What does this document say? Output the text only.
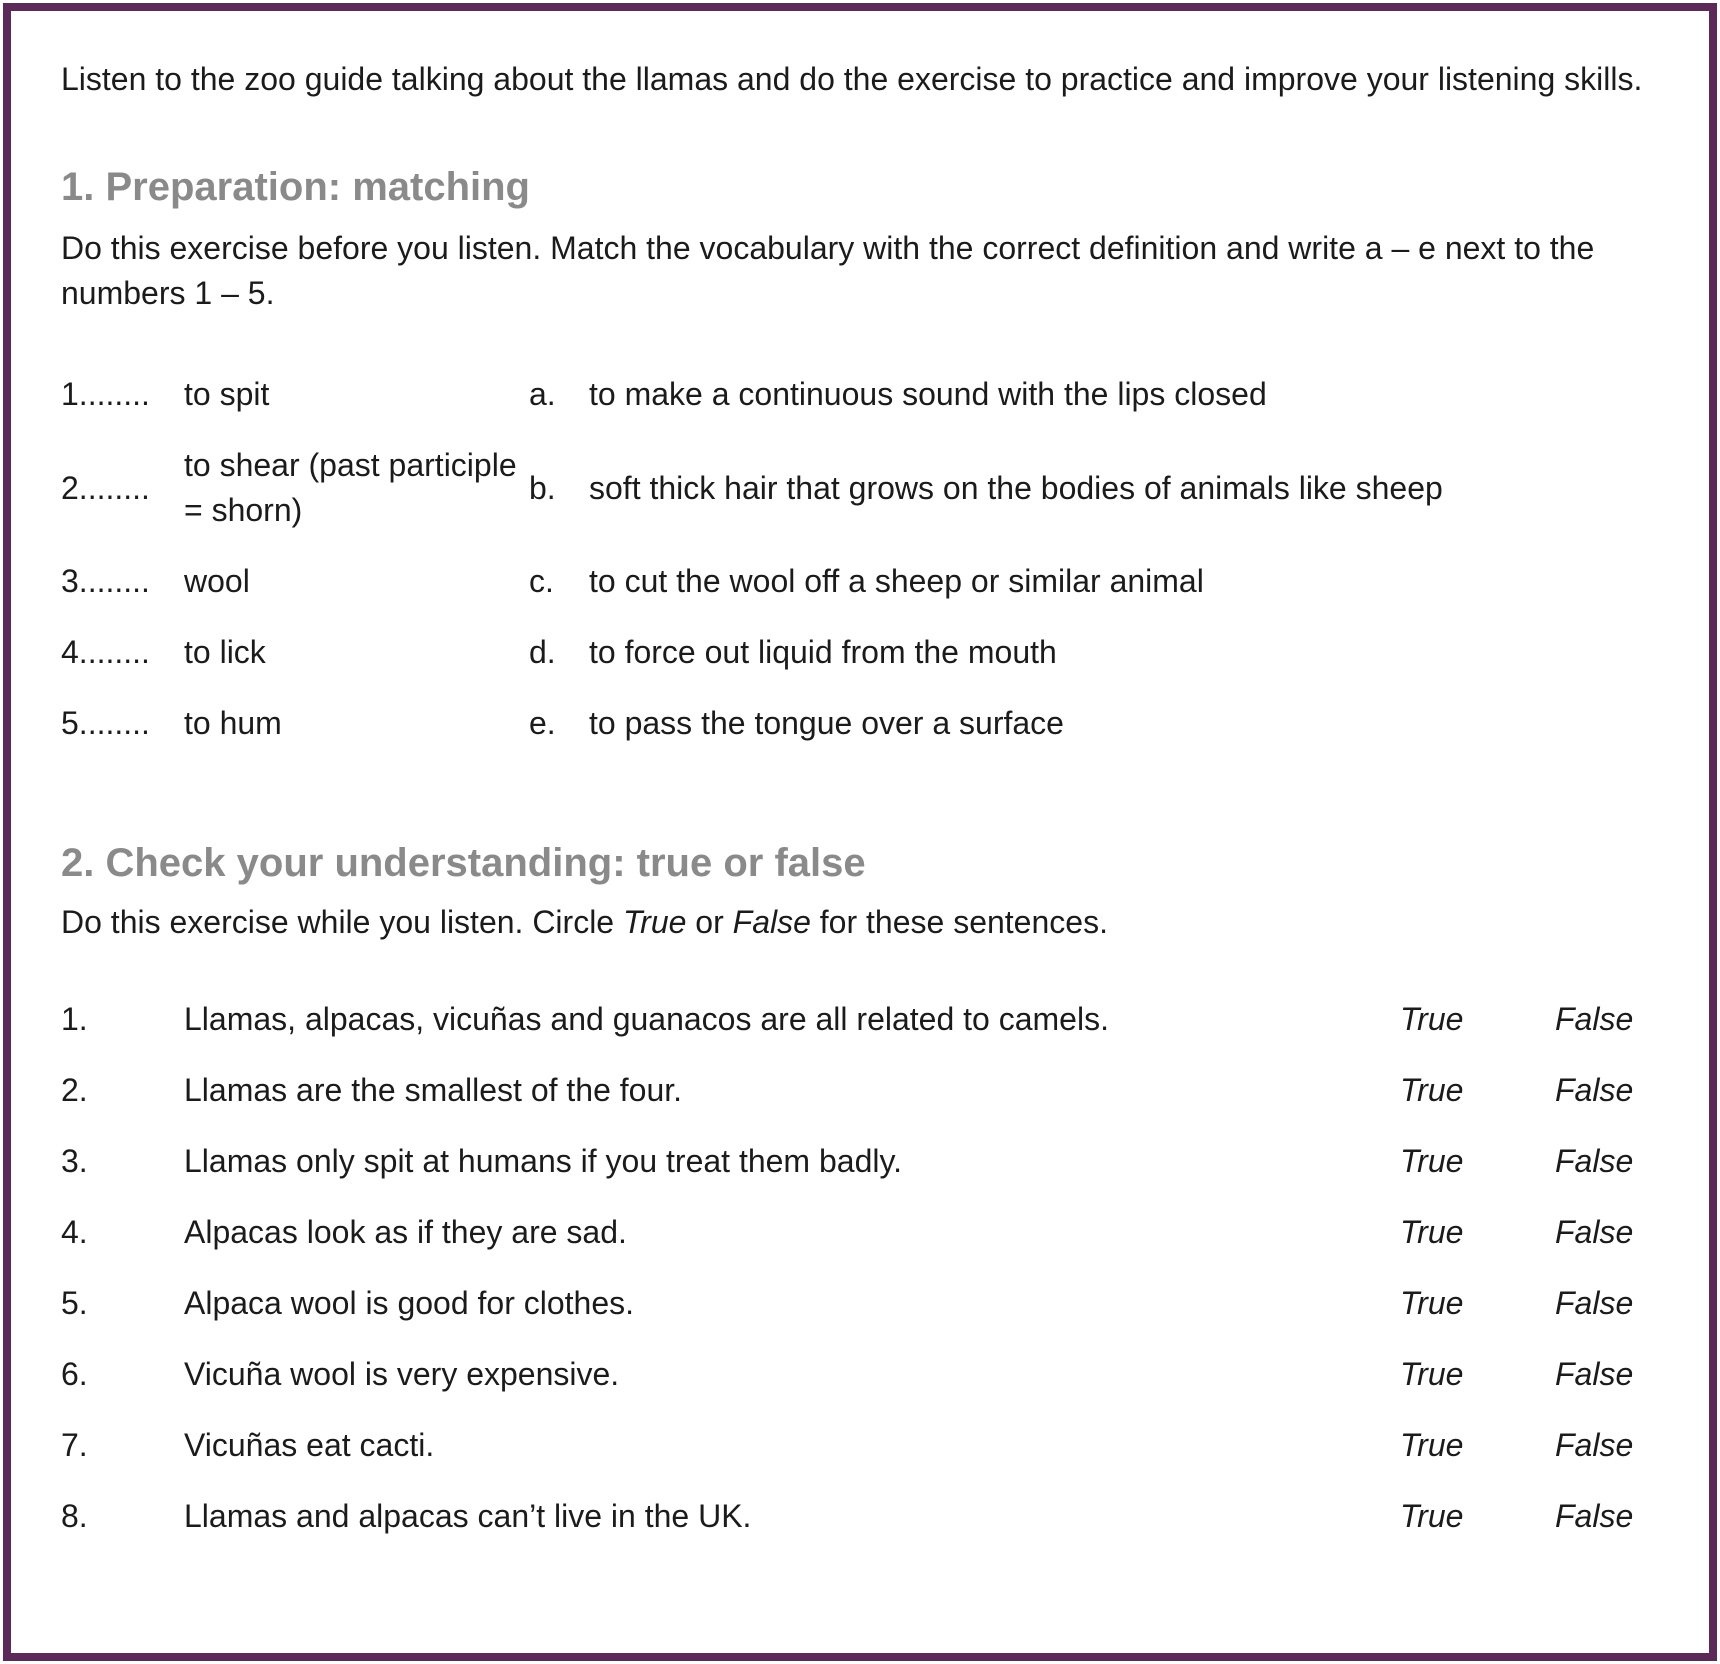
Listen to the zoo guide talking about the llamas and do the exercise to practice and improve your listening skills.

1. Preparation: matching

Do this exercise before you listen. Match the vocabulary with the correct definition and write a – e next to the numbers 1 – 5.

1........	to spit	a.	to make a continuous sound with the lips closed
2........	to shear (past participle = shorn)	b.	soft thick hair that grows on the bodies of animals like sheep
3........	wool	c.	to cut the wool off a sheep or similar animal
4........	to lick	d.	to force out liquid from the mouth
5........	to hum	e.	to pass the tongue over a surface
2. Check your understanding: true or false

Do this exercise while you listen. Circle True or False for these sentences.

1.	Llamas, alpacas, vicuñas and guanacos are all related to camels.	True	False
2.	Llamas are the smallest of the four.	True	False
3.	Llamas only spit at humans if you treat them badly.	True	False
4.	Alpacas look as if they are sad.	True	False
5.	Alpaca wool is good for clothes.	True	False
6.	Vicuña wool is very expensive.	True	False
7.	Vicuñas eat cacti.	True	False
8.	Llamas and alpacas can’t live in the UK.	True	False
